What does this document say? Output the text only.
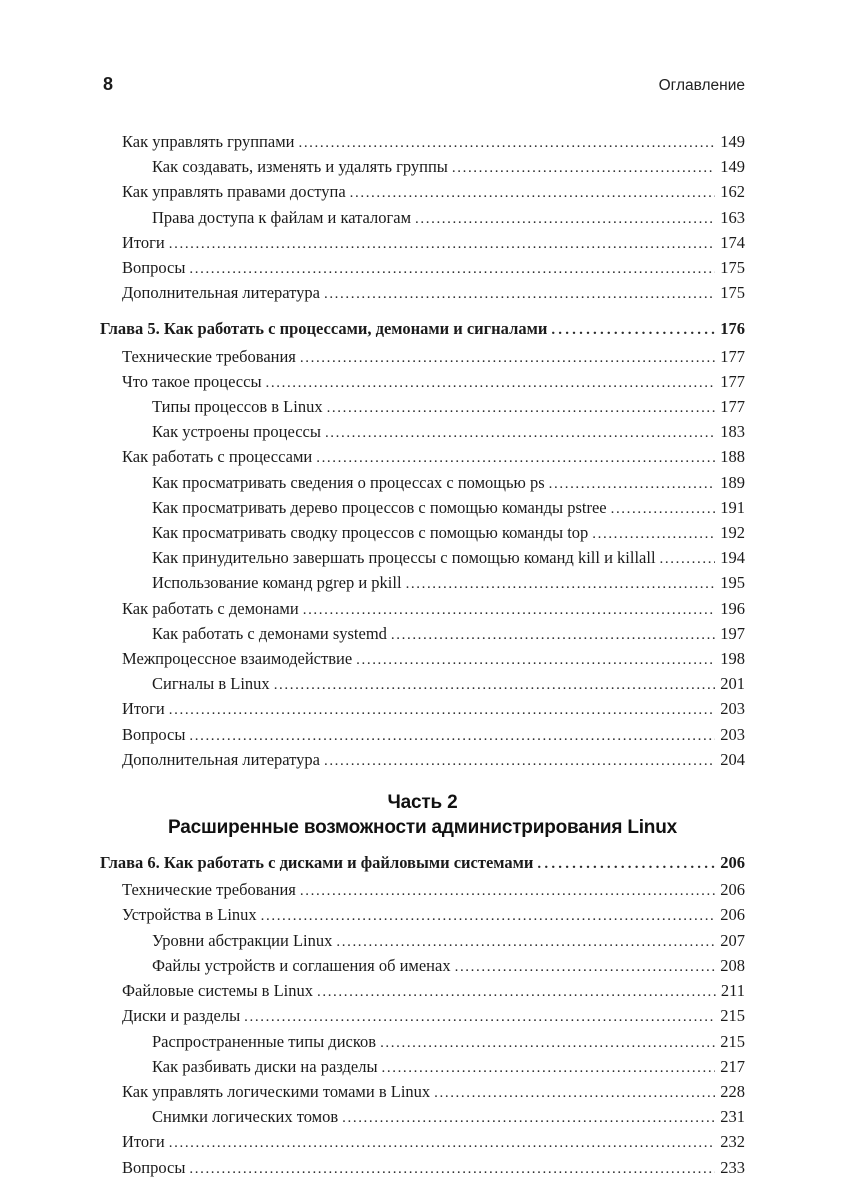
8	Оглавление
Как управлять группами .....	149
Как создавать, изменять и удалять группы .....	149
Как управлять правами доступа .....	162
Права доступа к файлам и каталогам .....	163
Итоги .....	174
Вопросы .....	175
Дополнительная литература .....	175
Глава 5. Как работать с процессами, демонами и сигналами .....	176
Технические требования .....	177
Что такое процессы .....	177
Типы процессов в Linux .....	177
Как устроены процессы .....	183
Как работать с процессами .....	188
Как просматривать сведения о процессах с помощью ps .....	189
Как просматривать дерево процессов с помощью команды pstree .....	191
Как просматривать сводку процессов с помощью команды top .....	192
Как принудительно завершать процессы с помощью команд kill и killall .....	194
Использование команд pgrep и pkill .....	195
Как работать с демонами .....	196
Как работать с демонами systemd .....	197
Межпроцессное взаимодействие .....	198
Сигналы в Linux .....	201
Итоги .....	203
Вопросы .....	203
Дополнительная литература .....	204
Часть 2
Расширенные возможности администрирования Linux
Глава 6. Как работать с дисками и файловыми системами .....	206
Технические требования .....	206
Устройства в Linux .....	206
Уровни абстракции Linux .....	207
Файлы устройств и соглашения об именах .....	208
Файловые системы в Linux .....	211
Диски и разделы .....	215
Распространенные типы дисков .....	215
Как разбивать диски на разделы .....	217
Как управлять логическими томами в Linux .....	228
Снимки логических томов .....	231
Итоги .....	232
Вопросы .....	233
